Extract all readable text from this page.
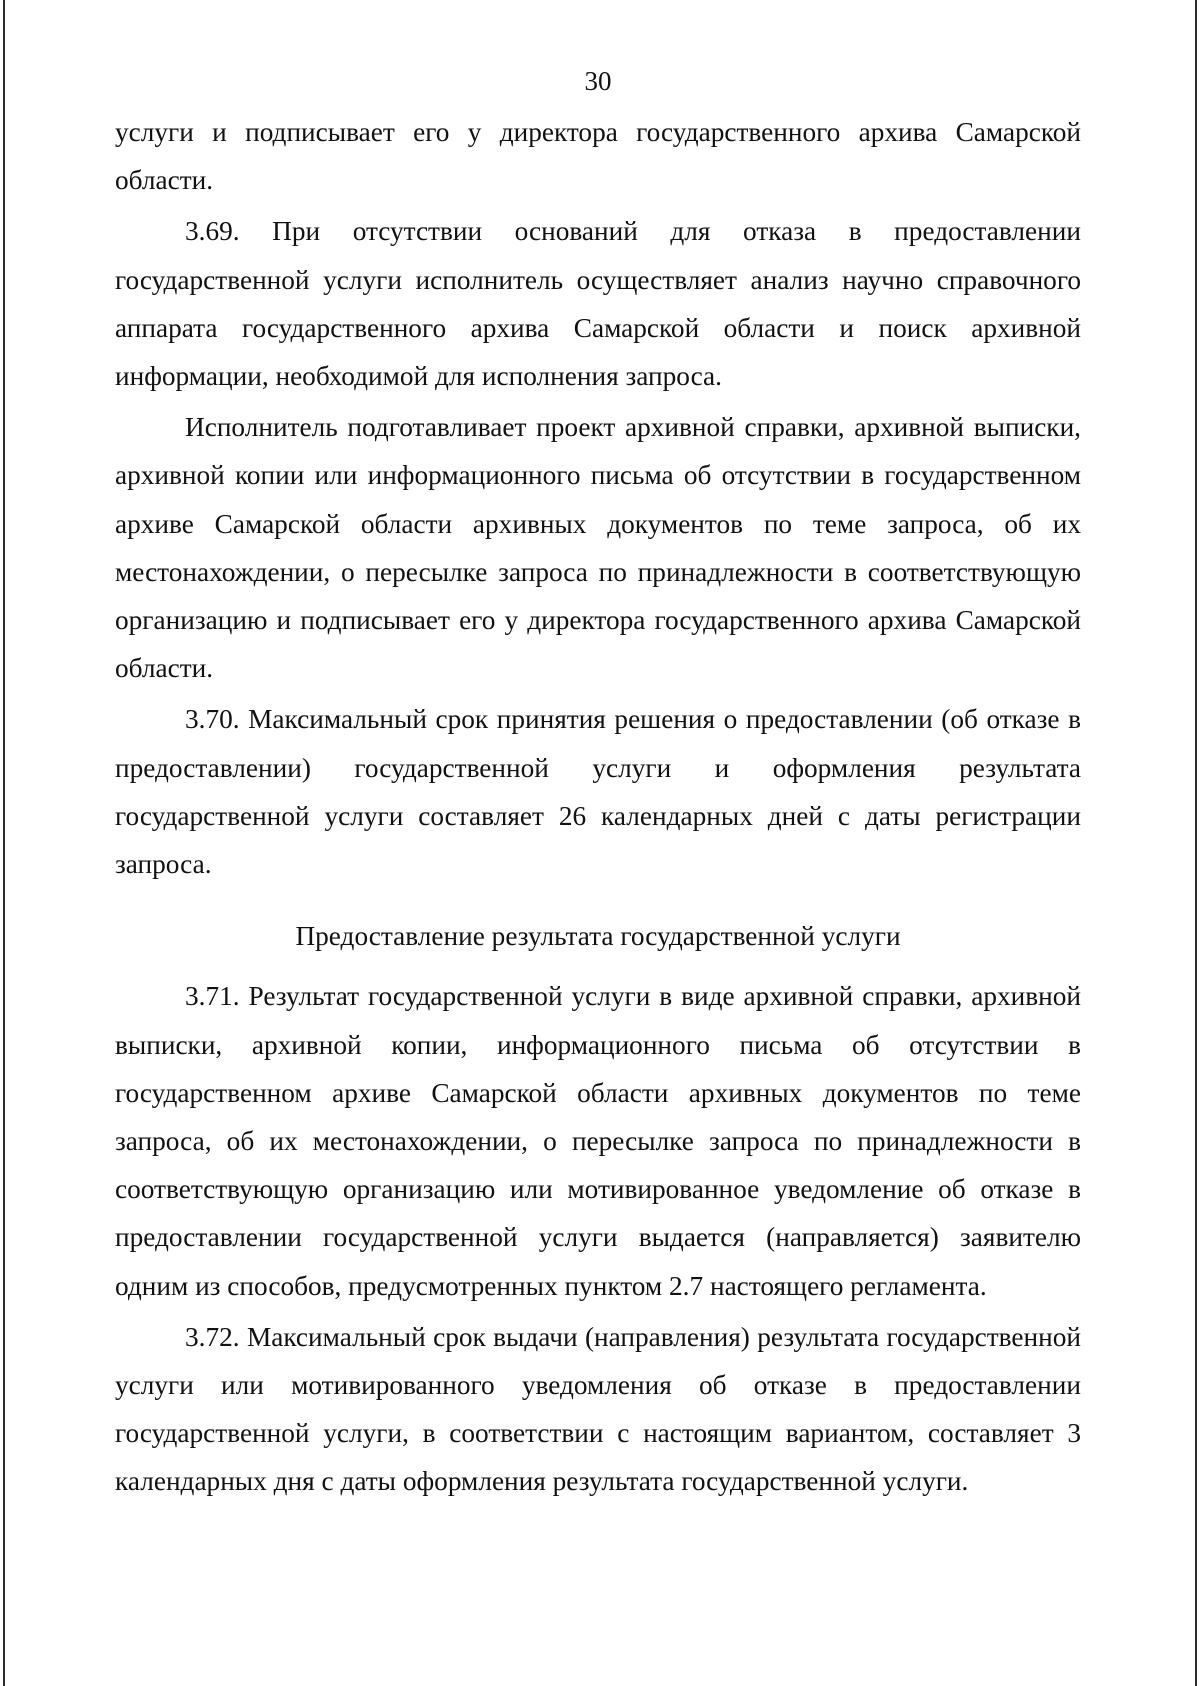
30

услуги и подписывает его у директора государственного архива Самарской области.

3.69. При отсутствии оснований для отказа в предоставлении государственной услуги исполнитель осуществляет анализ научно справочного аппарата государственного архива Самарской области и поиск архивной информации, необходимой для исполнения запроса.

Исполнитель подготавливает проект архивной справки, архивной выписки, архивной копии или информационного письма об отсутствии в государственном архиве Самарской области архивных документов по теме запроса, об их местонахождении, о пересылке запроса по принадлежности в соответствующую организацию и подписывает его у директора государственного архива Самарской области.

3.70. Максимальный срок принятия решения о предоставлении (об отказе в предоставлении) государственной услуги и оформления результата государственной услуги составляет 26 календарных дней с даты регистрации запроса.

Предоставление результата государственной услуги

3.71. Результат государственной услуги в виде архивной справки, архивной выписки, архивной копии, информационного письма об отсутствии в государственном архиве Самарской области архивных документов по теме запроса, об их местонахождении, о пересылке запроса по принадлежности в соответствующую организацию или мотивированное уведомление об отказе в предоставлении государственной услуги выдается (направляется) заявителю одним из способов, предусмотренных пунктом 2.7 настоящего регламента.

3.72. Максимальный срок выдачи (направления) результата государственной услуги или мотивированного уведомления об отказе в предоставлении государственной услуги, в соответствии с настоящим вариантом, составляет 3 календарных дня с даты оформления результата государственной услуги.
